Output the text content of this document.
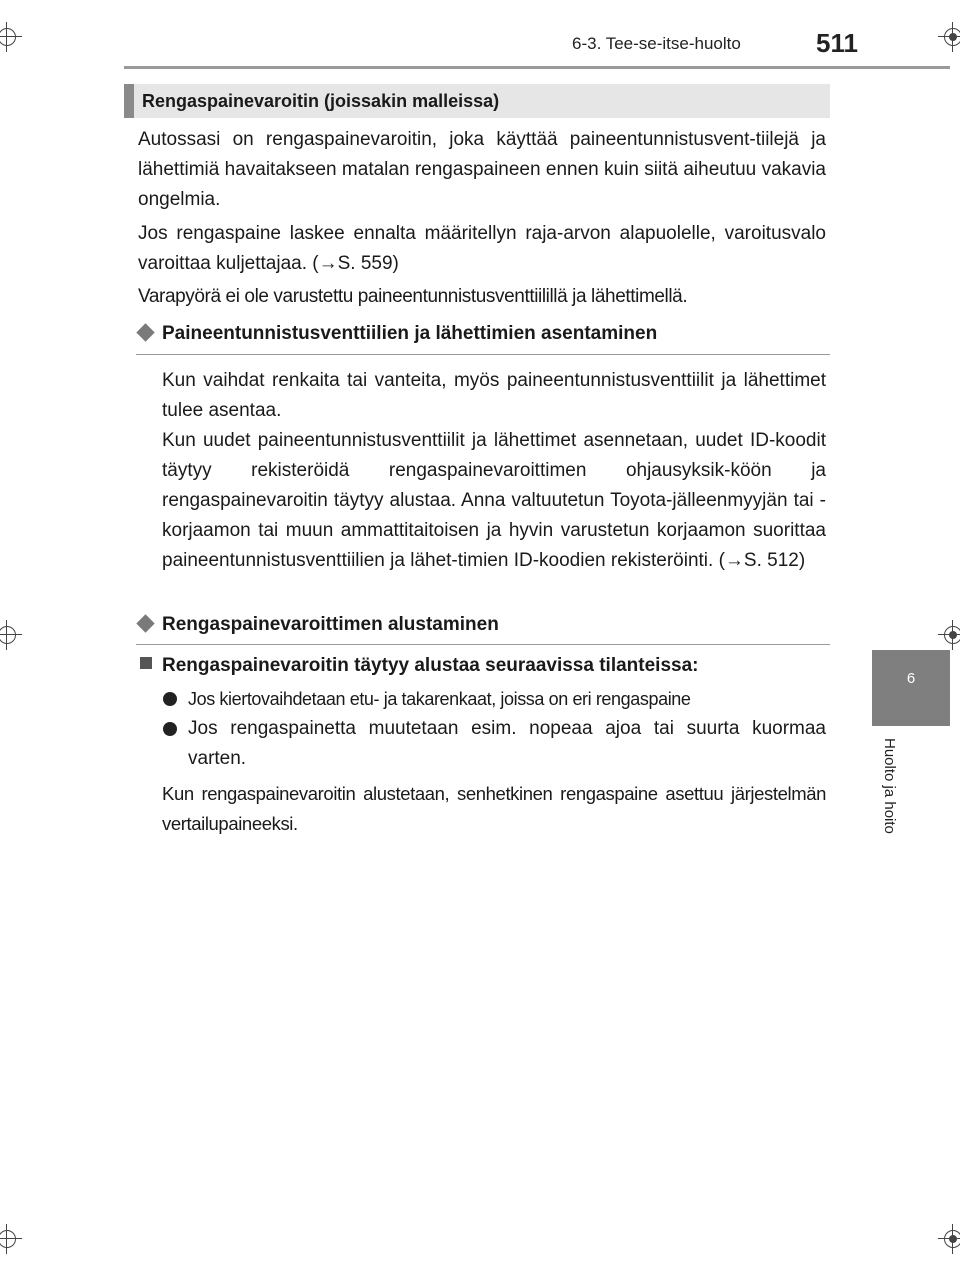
6-3. Tee-se-itse-huolto	511
6
Huolto ja hoito
Rengaspainevaroitin (joissakin malleissa)
Autossasi on rengaspainevaroitin, joka käyttää paineentunnistusvent-tiilejä ja lähettimiä havaitakseen matalan rengaspaineen ennen kuin siitä aiheutuu vakavia ongelmia.
Jos rengaspaine laskee ennalta määritellyn raja-arvon alapuolelle, varoitusvalo varoittaa kuljettajaa. (→S. 559)
Varapyörä ei ole varustettu paineentunnistusventtiilillä ja lähettimellä.
Paineentunnistusventtiilien ja lähettimien asentaminen
Kun vaihdat renkaita tai vanteita, myös paineentunnistusventtiilit ja lähettimet tulee asentaa.
Kun uudet paineentunnistusventtiilit ja lähettimet asennetaan, uudet ID-koodit täytyy rekisteröidä rengaspainevaroittimen ohjausyksik-köön ja rengaspainevaroitin täytyy alustaa. Anna valtuutetun Toyota-jälleenmyyjän tai -korjaamon tai muun ammattitaitoisen ja hyvin varustetun korjaamon suorittaa paineentunnistusventtiilien ja lähet-timien ID-koodien rekisteröinti. (→S. 512)
Rengaspainevaroittimen alustaminen
Rengaspainevaroitin täytyy alustaa seuraavissa tilanteissa:
Jos kiertovaihdetaan etu- ja takarenkaat, joissa on eri rengaspaine
Jos rengaspainetta muutetaan esim. nopeaa ajoa tai suurta kuormaa varten.
Kun rengaspainevaroitin alustetaan, senhetkinen rengaspaine asettuu järjestelmän vertailupaineeksi.
